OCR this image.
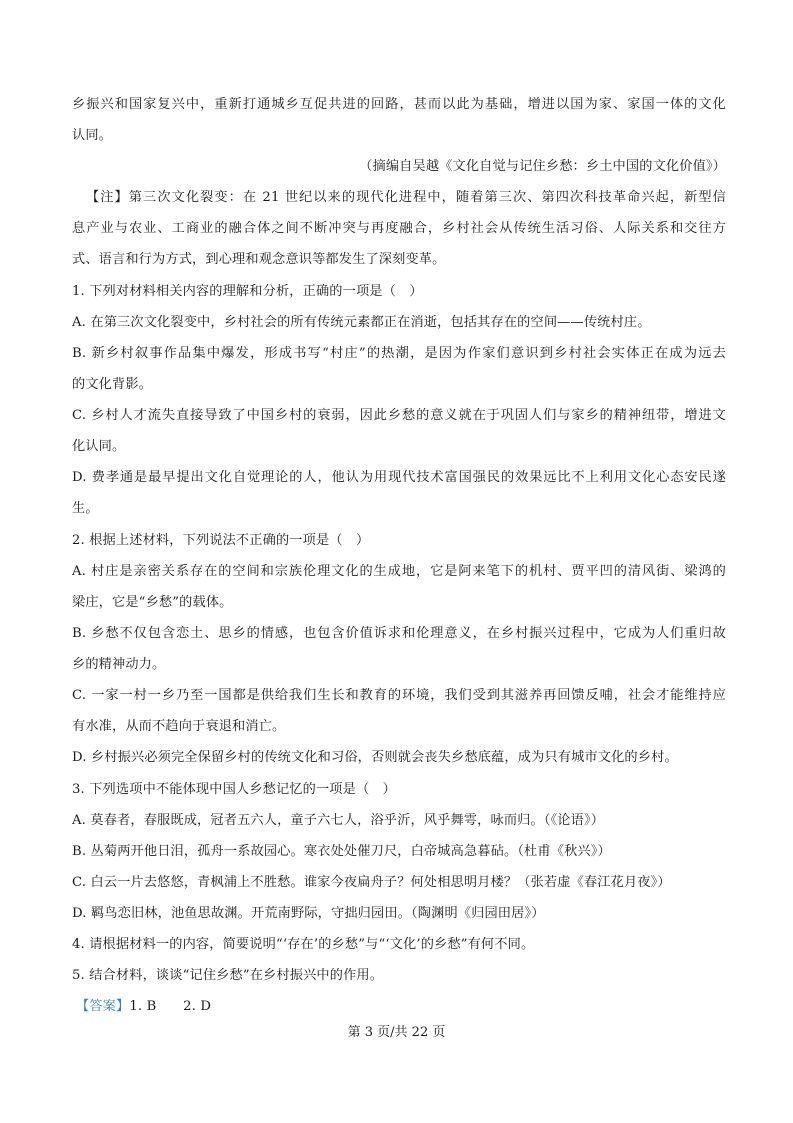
乡振兴和国家复兴中，重新打通城乡互促共进的回路，甚而以此为基础，增进以国为家、家国一体的文化
认同。
（摘编自吴越《文化自觉与记住乡愁：乡土中国的文化价值》）
【注】第三次文化裂变：在 21 世纪以来的现代化进程中，随着第三次、第四次科技革命兴起，新型信
息产业与农业、工商业的融合体之间不断冲突与再度融合，乡村社会从传统生活习俗、人际关系和交往方
式、语言和行为方式，到心理和观念意识等都发生了深刻变革。
1. 下列对材料相关内容的理解和分析，正确的一项是（　）
A. 在第三次文化裂变中，乡村社会的所有传统元素都正在消逝，包括其存在的空间——传统村庄。
B. 新乡村叙事作品集中爆发，形成书写“村庄”的热潮，是因为作家们意识到乡村社会实体正在成为远去
的文化背影。
C. 乡村人才流失直接导致了中国乡村的衰弱，因此乡愁的意义就在于巩固人们与家乡的精神纽带，增进文
化认同。
D. 费孝通是最早提出文化自觉理论的人，他认为用现代技术富国强民的效果远比不上利用文化心态安民遂
生。
2. 根据上述材料，下列说法不正确的一项是（　）
A. 村庄是亲密关系存在的空间和宗族伦理文化的生成地，它是阿来笔下的机村、贾平凹的清风街、梁鸿的
梁庄，它是“乡愁”的载体。
B. 乡愁不仅包含恋土、思乡的情感，也包含价值诉求和伦理意义，在乡村振兴过程中，它成为人们重归故
乡的精神动力。
C. 一家一村一乡乃至一国都是供给我们生长和教育的环境，我们受到其滋养再回馈反哺，社会才能维持应
有水准，从而不趋向于衰退和消亡。
D. 乡村振兴必须完全保留乡村的传统文化和习俗，否则就会丧失乡愁底蕴，成为只有城市文化的乡村。
3. 下列选项中不能体现中国人乡愁记忆的一项是（　）
A. 莫春者，春服既成，冠者五六人，童子六七人，浴乎沂，风乎舞雩，咏而归。（《论语》）
B. 丛菊两开他日泪，孤舟一系故园心。寒衣处处催刀尺，白帝城高急暮砧。（杜甫《秋兴》）
C. 白云一片去悠悠，青枫浦上不胜愁。谁家今夜扁舟子？何处相思明月楼？（张若虚《春江花月夜》）
D. 羁鸟恋旧林，池鱼思故渊。开荒南野际，守拙归园田。（陶渊明《归园田居》）
4. 请根据材料一的内容，简要说明“‘存在’的乡愁”与“‘文化’的乡愁”有何不同。
5. 结合材料，谈谈“记住乡愁”在乡村振兴中的作用。
【答案】1. B　　2. D
第 3 页/共 22 页
